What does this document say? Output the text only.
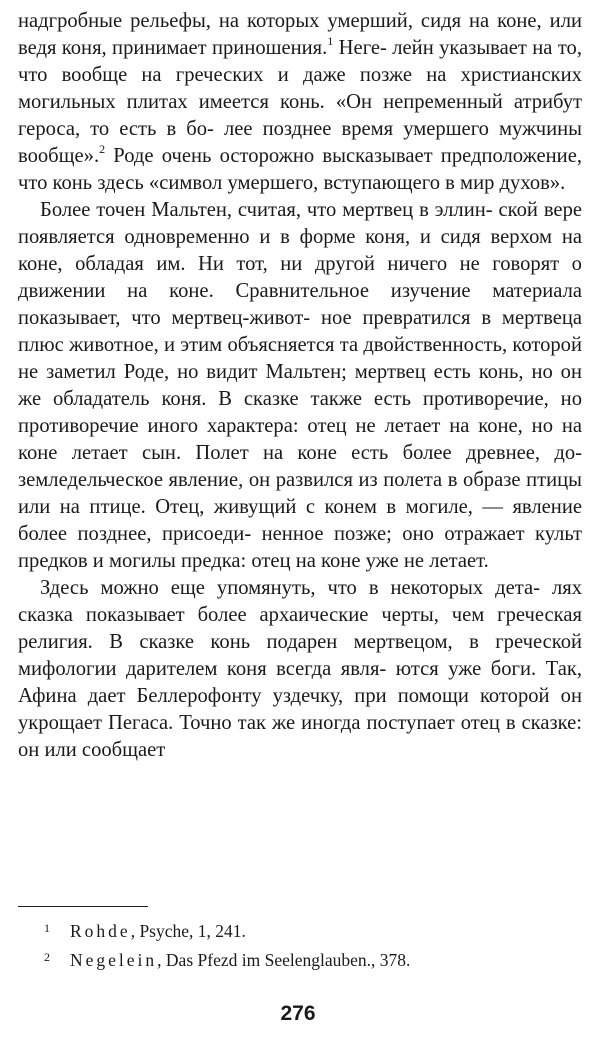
надгробные рельефы, на которых умерший, сидя на коне, или ведя коня, принимает приношения.$^1$ Неге- лейн указывает на то, что вообще на греческих и даже позже на христианских могильных плитах имеется конь. «Он непременный атрибут героса, то есть в бо- лее позднее время умершего мужчины вообще».$^2$ Роде очень осторожно высказывает предположение, что конь здесь «символ умершего, вступающего в мир духов».

Более точен Мальтен, считая, что мертвец в эллин- ской вере появляется одновременно и в форме коня, и сидя верхом на коне, обладая им. Ни тот, ни другой ничего не говорят о движении на коне. Сравнительное изучение материала показывает, что мертвец-живот- ное превратился в мертвеца плюс животное, и этим объясняется та двойственность, которой не заметил Роде, но видит Мальтен; мертвец есть конь, но он же обладатель коня. В сказке также есть противоречие, но противоречие иного характера: отец не летает на коне, но на коне летает сын. Полет на коне есть более древнее, до-земледельческое явление, он развился из полета в образе птицы или на птице. Отец, живущий с конем в могиле, — явление более позднее, присоеди- ненное позже; оно отражает культ предков и могилы предка: отец на коне уже не летает.

Здесь можно еще упомянуть, что в некоторых дета- лях сказка показывает более архаические черты, чем греческая религия. В сказке конь подарен мертвецом, в греческой мифологии дарителем коня всегда явля- ются уже боги. Так, Афина дает Беллерофонту уздечку, при помощи которой он укрощает Пегаса. Точно так же иногда поступает отец в сказке: он или сообщает

1	Rohde, Psyche, 1, 241.
2	Negelein, Das Pfezd im Seelenglauben., 378.
276
